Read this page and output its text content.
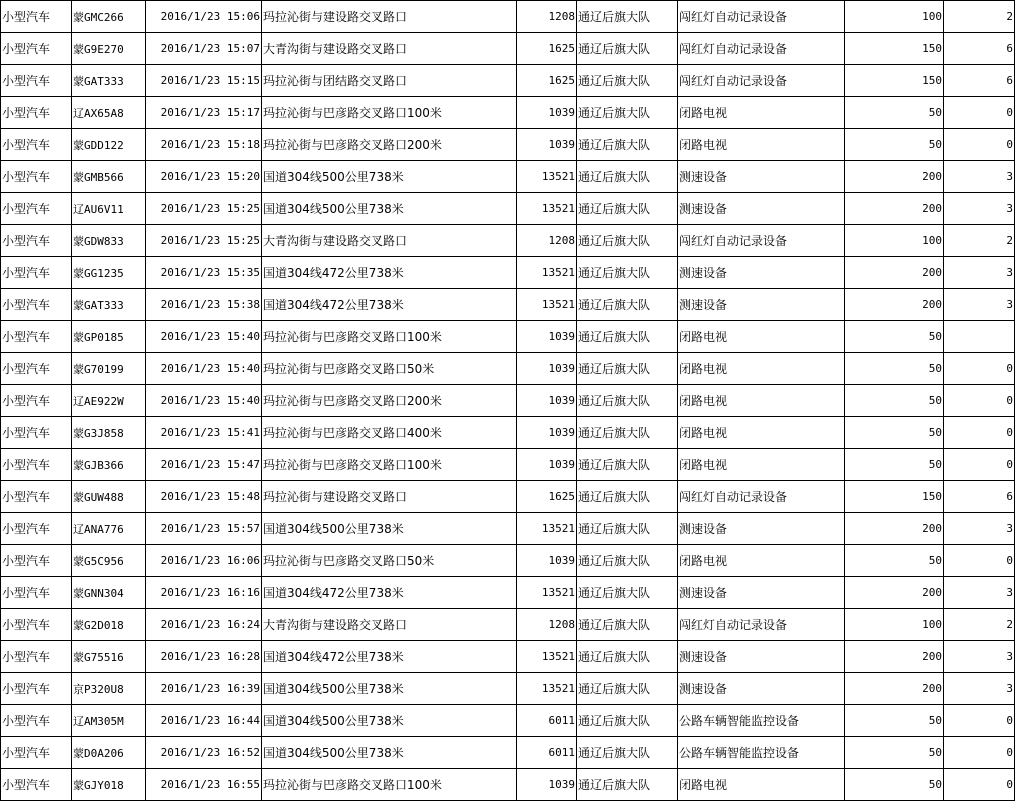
小型汽车	蒙GMC266	2016/1/23 15:06	玛拉沁街与建设路交叉路口	1208	通辽后旗大队	闯红灯自动记录设备	100	2
小型汽车	蒙G9E270	2016/1/23 15:07	大青沟街与建设路交叉路口	1625	通辽后旗大队	闯红灯自动记录设备	150	6
小型汽车	蒙GAT333	2016/1/23 15:15	玛拉沁街与团结路交叉路口	1625	通辽后旗大队	闯红灯自动记录设备	150	6
小型汽车	辽AX65A8	2016/1/23 15:17	玛拉沁街与巴彦路交叉路口100米	1039	通辽后旗大队	闭路电视	50	0
小型汽车	蒙GDD122	2016/1/23 15:18	玛拉沁街与巴彦路交叉路口200米	1039	通辽后旗大队	闭路电视	50	0
小型汽车	蒙GMB566	2016/1/23 15:20	国道304线500公里738米	13521	通辽后旗大队	测速设备	200	3
小型汽车	辽AU6V11	2016/1/23 15:25	国道304线500公里738米	13521	通辽后旗大队	测速设备	200	3
小型汽车	蒙GDW833	2016/1/23 15:25	大青沟街与建设路交叉路口	1208	通辽后旗大队	闯红灯自动记录设备	100	2
小型汽车	蒙GG1235	2016/1/23 15:35	国道304线472公里738米	13521	通辽后旗大队	测速设备	200	3
小型汽车	蒙GAT333	2016/1/23 15:38	国道304线472公里738米	13521	通辽后旗大队	测速设备	200	3
小型汽车	蒙GP0185	2016/1/23 15:40	玛拉沁街与巴彦路交叉路口100米	1039	通辽后旗大队	闭路电视	50	
小型汽车	蒙G70199	2016/1/23 15:40	玛拉沁街与巴彦路交叉路口50米	1039	通辽后旗大队	闭路电视	50	0
小型汽车	辽AE922W	2016/1/23 15:40	玛拉沁街与巴彦路交叉路口200米	1039	通辽后旗大队	闭路电视	50	0
小型汽车	蒙G3J858	2016/1/23 15:41	玛拉沁街与巴彦路交叉路口400米	1039	通辽后旗大队	闭路电视	50	0
小型汽车	蒙GJB366	2016/1/23 15:47	玛拉沁街与巴彦路交叉路口100米	1039	通辽后旗大队	闭路电视	50	0
小型汽车	蒙GUW488	2016/1/23 15:48	玛拉沁街与建设路交叉路口	1625	通辽后旗大队	闯红灯自动记录设备	150	6
小型汽车	辽ANA776	2016/1/23 15:57	国道304线500公里738米	13521	通辽后旗大队	测速设备	200	3
小型汽车	蒙G5C956	2016/1/23 16:06	玛拉沁街与巴彦路交叉路口50米	1039	通辽后旗大队	闭路电视	50	0
小型汽车	蒙GNN304	2016/1/23 16:16	国道304线472公里738米	13521	通辽后旗大队	测速设备	200	3
小型汽车	蒙G2D018	2016/1/23 16:24	大青沟街与建设路交叉路口	1208	通辽后旗大队	闯红灯自动记录设备	100	2
小型汽车	蒙G75516	2016/1/23 16:28	国道304线472公里738米	13521	通辽后旗大队	测速设备	200	3
小型汽车	京P320U8	2016/1/23 16:39	国道304线500公里738米	13521	通辽后旗大队	测速设备	200	3
小型汽车	辽AM305M	2016/1/23 16:44	国道304线500公里738米	6011	通辽后旗大队	公路车辆智能监控设备	50	0
小型汽车	蒙D0A206	2016/1/23 16:52	国道304线500公里738米	6011	通辽后旗大队	公路车辆智能监控设备	50	0
小型汽车	蒙GJY018	2016/1/23 16:55	玛拉沁街与巴彦路交叉路口100米	1039	通辽后旗大队	闭路电视	50	0
